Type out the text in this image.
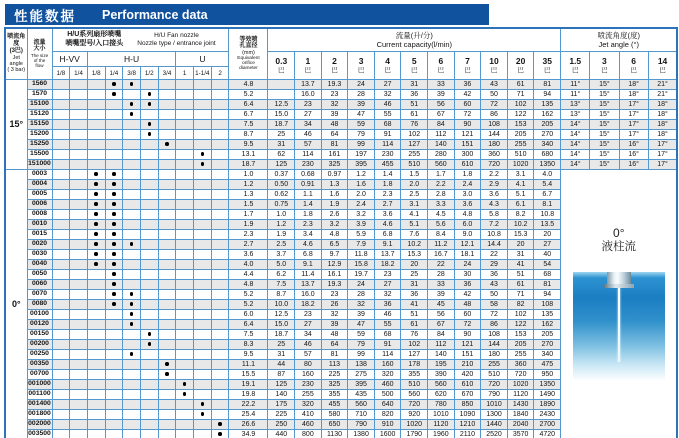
性能数据 Performance data
喷流角度
(3巴)
Jet angle
( 3 bar)

流量
大小
The size
of the
flow

H/U系列扇形喷嘴
喷嘴型号/入口接头
H/U Fan nozzle
Nozzle type / entrance joint

等效喷
孔直径
(mm)
Equivalent
orifice
diameter

流量(升/分)
Current capacity(l/min)

喷流角度(度)
Jet angle (°)

H-VV	H-U	U	0.3
巴

1
巴

2
巴

3
巴

4
巴

5
巴

6
巴

7
巴

10
巴

20
巴

35
巴

1.5
巴

3
巴

6
巴

14
巴

		1/8	1/4	1/8	1/4	3/8	1/2	3/4	1	1-1/4	2																
15°	1560											4.8		13.7	19.3	24	27	31	33	36	43	61	81	11°	15°	18°	21°
	1570											5.2		16.0	23	28	32	36	39	42	50	71	94	11°	15°	18°	21°
	15100											6.4	12.5	23	32	39	46	51	56	60	72	102	135	13°	15°	17°	18°
	15120											6.7	15.0	27	39	47	55	61	67	72	86	122	162	13°	15°	17°	18°
	15150											7.5	18.7	34	48	59	68	76	84	90	108	153	205	14°	15°	17°	18°
	15200											8.7	25	46	64	79	91	102	112	121	144	205	270	14°	15°	17°	18°
	15250											9.5	31	57	81	99	114	127	140	151	180	255	340	14°	15°	16°	17°
	15500											13.1	62	114	161	197	230	255	280	300	360	510	680	14°	15°	16°	17°
	151000											18.7	125	230	325	395	455	510	560	610	720	1020	1350	14°	15°	16°	17°
0°	0003											1.0	0.37	0.68	0.97	1.2	1.4	1.5	1.7	1.8	2.2	3.1	4.0	0°
液柱流			

	0004											1.2	0.50	0.91	1.3	1.6	1.8	2.0	2.2	2.4	2.9	4.1	5.4				
	0005											1.3	0.62	1.1	1.6	2.0	2.3	2.5	2.8	3.0	3.6	5.1	6.7				
	0006											1.5	0.75	1.4	1.9	2.4	2.7	3.1	3.3	3.6	4.3	6.1	8.1				
	0008											1.7	1.0	1.8	2.6	3.2	3.6	4.1	4.5	4.8	5.8	8.2	10.8				
	0010											1.9	1.2	2.3	3.2	3.9	4.6	5.1	5.6	6.0	7.2	10.2	13.5				
	0015											2.3	1.9	3.4	4.8	5.9	6.8	7.6	8.4	9.0	10.8	15.3	20				
	0020											2.7	2.5	4.6	6.5	7.9	9.1	10.2	11.2	12.1	14.4	20	27				
	0030											3.6	3.7	6.8	9.7	11.8	13.7	15.3	16.7	18.1	22	31	40				
	0040											4.0	5.0	9.1	12.9	15.8	18.2	20	22	24	29	41	54				
	0050											4.4	6.2	11.4	16.1	19.7	23	25	28	30	36	51	68				
	0060											4.8	7.5	13.7	19.3	24	27	31	33	36	43	61	81				
	0070											5.2	8.7	16.0	23	28	32	36	39	42	50	71	94				
	0080											5.2	10.0	18.2	26	32	36	41	45	48	58	82	108				
	00100											6.0	12.5	23	32	39	46	51	56	60	72	102	135				
	00120											6.4	15.0	27	39	47	55	61	67	72	86	122	162				
	00150											7.5	18.7	34	48	59	68	76	84	90	108	153	205				
	00200											8.3	25	46	64	79	91	102	112	121	144	205	270				
	00250											9.5	31	57	81	99	114	127	140	151	180	255	340				
	00350											11.1	44	80	113	138	160	178	195	210	255	360	475				
	00700											15.5	87	160	225	275	320	355	390	420	510	720	950				
	001000											19.1	125	230	325	395	460	510	560	610	720	1020	1350				
	001100											19.8	140	255	355	435	500	560	620	670	790	1120	1490				
	001400											22.2	175	320	455	560	640	720	780	850	1010	1430	1890				
	001800											25.4	225	410	580	710	820	920	1010	1090	1300	1840	2430				
	002000											26.6	250	460	650	790	910	1020	1120	1210	1440	2040	2700				
	003500											34.9	440	800	1130	1380	1600	1790	1960	2110	2520	3570	4720				
